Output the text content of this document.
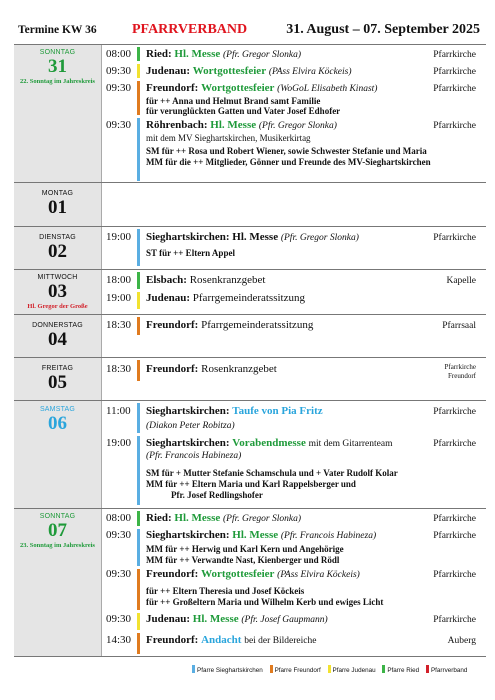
Termine KW 36	PFARRVERBAND	31. August – 07. September 2025
SONNTAG
31
22. Sonntag im Jahreskreis
08:00 Ried: Hl. Messe (Pfr. Gregor Slonka)	Pfarrkirche
09:30 Judenau: Wortgottesfeier (PAss Elvira Köckeis)	Pfarrkirche
09:30 Freundorf: Wortgottesfeier (WoGoL Elisabeth Kinast)	Pfarrkirche
für ++ Anna und Helmut Brand samt Familie
für verunglückten Gatten und Vater Josef Edhofer
09:30 Röhrenbach: Hl. Messe (Pfr. Gregor Slonka)	Pfarrkirche
mit dem MV Sieghartskirchen, Musikerkirtag
SM für ++ Rosa und Robert Wiener, sowie Schwester Stefanie und Maria
MM für die ++ Mitglieder, Gönner und Freunde des MV-Sieghartskirchen
MONTAG
01
DIENSTAG
02
19:00 Sieghartskirchen: Hl. Messe (Pfr. Gregor Slonka)	Pfarrkirche
ST für ++ Eltern Appel
MITTWOCH
03
Hl. Gregor der Große
18:00 Elsbach: Rosenkranzgebet	Kapelle
19:00 Judenau: Pfarrgemeinderatssitzung
DONNERSTAG
04
18:30 Freundorf: Pfarrgemeinderatssitzung	Pfarrsaal
FREITAG
05
18:30 Freundorf: Rosenkranzgebet	Pfarrkirche
Freundorf
SAMSTAG
06
11:00 Sieghartskirchen: Taufe von Pia Fritz	Pfarrkirche
(Diakon Peter Robitza)
19:00 Sieghartskirchen: Vorabendmesse mit dem Gitarrenteam	Pfarrkirche
(Pfr. Francois Habineza)
SM für + Mutter Stefanie Schamschula und + Vater Rudolf Kolar
MM für ++ Eltern Maria und Karl Rappelsberger und
Pfr. Josef Redlingshofer
SONNTAG
07
23. Sonntag im Jahreskreis
08:00 Ried: Hl. Messe (Pfr. Gregor Slonka)	Pfarrkirche
09:30 Sieghartskirchen: Hl. Messe (Pfr. Francois Habineza)	Pfarrkirche
MM für ++ Herwig und Karl Kern und Angehörige
MM für ++ Verwandte Nast, Kienberger und Rödl
09:30 Freundorf: Wortgottesfeier (PAss Elvira Köckeis)	Pfarrkirche
für ++ Eltern Theresia und Josef Köckeis
für ++ Großeltern Maria und Wilhelm Kerb und ewiges Licht
09:30 Judenau: Hl. Messe (Pfr. Josef Gaupmann)	Pfarrkirche
14:30 Freundorf: Andacht bei der Bildereiche	Auberg
Pfarre Sieghartskirchen Pfarre Freundorf Pfarre Judenau Pfarre Ried Pfarrverband
